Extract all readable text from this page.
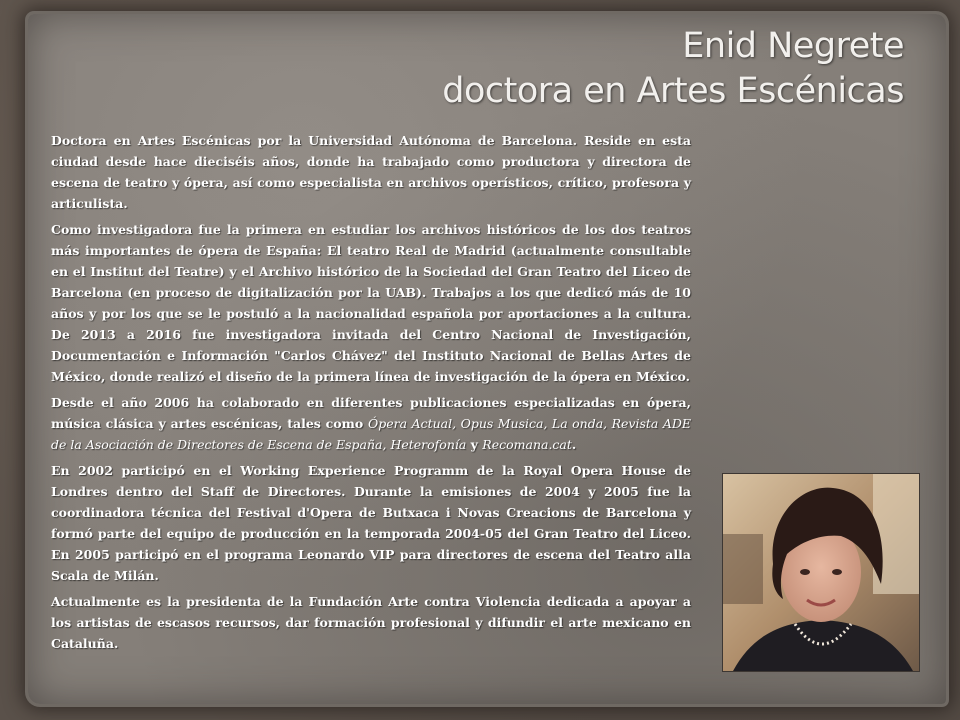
Enid Negrete
doctora en Artes Escénicas

Doctora en Artes Escénicas por la Universidad Autónoma de Barcelona. Reside en esta ciudad desde hace dieciséis años, donde ha trabajado como productora y directora de escena de teatro y ópera, así como especialista en archivos operísticos, crítico, profesora y articulista.

Como investigadora fue la primera en estudiar los archivos históricos de los dos teatros más importantes de ópera de España: El teatro Real de Madrid (actualmente consultable en el Institut del Teatre) y el Archivo histórico de la Sociedad del Gran Teatro del Liceo de Barcelona (en proceso de digitalización por la UAB). Trabajos a los que dedicó más de 10 años y por los que se le postuló a la nacionalidad española por aportaciones a la cultura. De 2013 a 2016 fue investigadora invitada del Centro Nacional de Investigación, Documentación e Información "Carlos Chávez" del Instituto Nacional de Bellas Artes de México, donde realizó el diseño de la primera línea de investigación de la ópera en México.

Desde el año 2006 ha colaborado en diferentes publicaciones especializadas en ópera, música clásica y artes escénicas, tales como Ópera Actual, Opus Musica, La onda, Revista ADE de la Asociación de Directores de Escena de España, Heterofonía y Recomana.cat.

En 2002 participó en el Working Experience Programm de la Royal Opera House de Londres dentro del Staff de Directores. Durante la emisiones de 2004 y 2005 fue la coordinadora técnica del Festival d'Opera de Butxaca i Novas Creacions de Barcelona y formó parte del equipo de producción en la temporada 2004-05 del Gran Teatro del Liceo. En 2005 participó en el programa Leonardo VIP para directores de escena del Teatro alla Scala de Milán.

Actualmente es la presidenta de la Fundación Arte contra Violencia dedicada a apoyar a los artistas de escasos recursos, dar formación profesional y difundir el arte mexicano en Cataluña.
